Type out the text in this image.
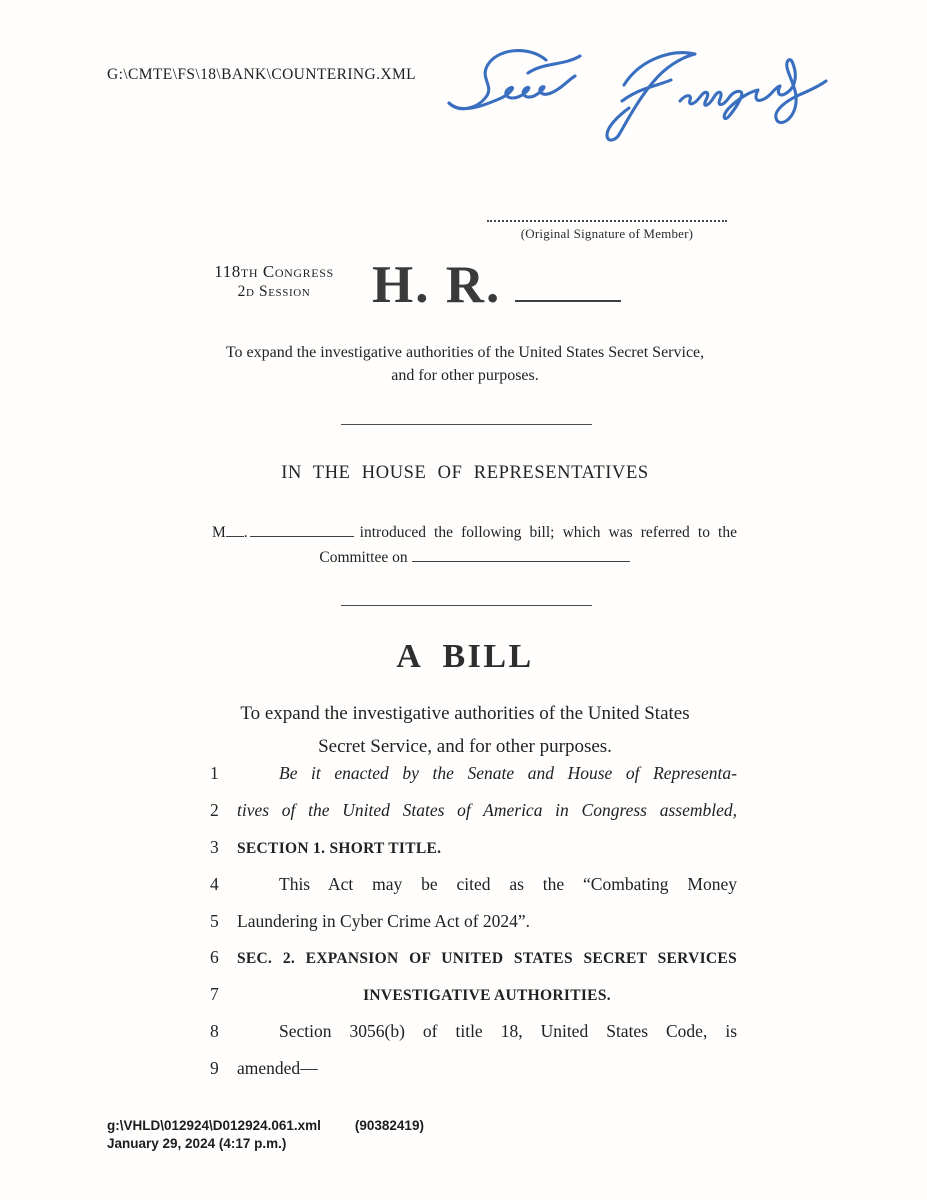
G:\CMTE\FS\18\BANK\COUNTERING.XML
(Original Signature of Member)
118th Congress
2d Session	H. R.
To expand the investigative authorities of the United States Secret Service,
and for other purposes.
IN THE HOUSE OF REPRESENTATIVES
M .	introduced the following bill; which was referred to the
Committee on
A BILL
To expand the investigative authorities of the United States
Secret Service, and for other purposes.
1	Be it enacted by the Senate and House of Representa-
2 tives of the United States of America in Congress assembled,
3 SECTION 1. SHORT TITLE.
4	This Act may be cited as the “Combating Money
5 Laundering in Cyber Crime Act of 2024”.
6 SEC. 2. EXPANSION OF UNITED STATES SECRET SERVICES
7	INVESTIGATIVE AUTHORITIES.
8	Section 3056(b) of title 18, United States Code, is
9 amended—
g:\VHLD\012924\D012924.061.xml	(90382419)
January 29, 2024 (4:17 p.m.)
